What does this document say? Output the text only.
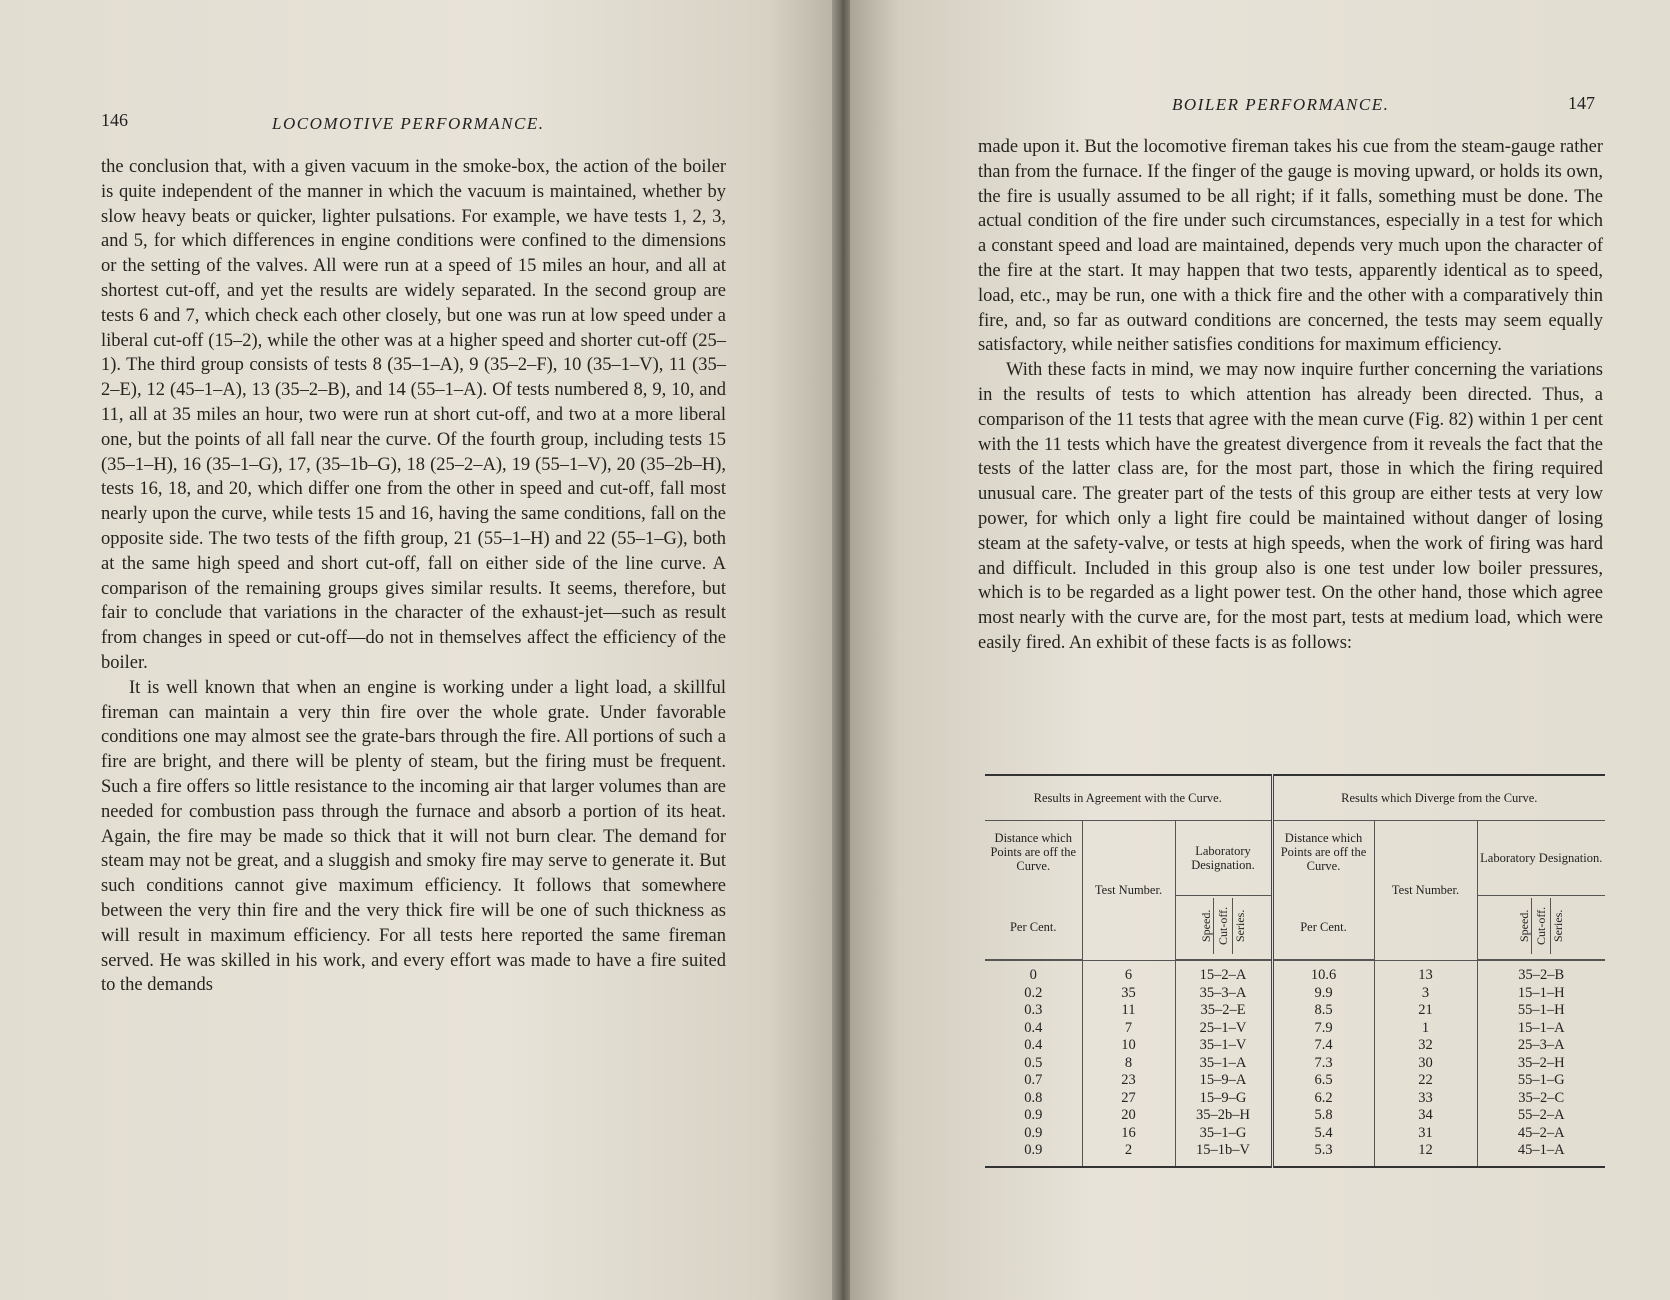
146	LOCOMOTIVE PERFORMANCE.

the conclusion that, with a given vacuum in the smoke-box, the action of the boiler is quite independent of the manner in which the vacuum is maintained, whether by slow heavy beats or quicker, lighter pulsations. For example, we have tests 1, 2, 3, and 5, for which differences in engine conditions were confined to the dimensions or the setting of the valves. All were run at a speed of 15 miles an hour, and all at shortest cut-off, and yet the results are widely separated. In the second group are tests 6 and 7, which check each other closely, but one was run at low speed under a liberal cut-off (15–2), while the other was at a higher speed and shorter cut-off (25–1). The third group consists of tests 8 (35–1–A), 9 (35–2–F), 10 (35–1–V), 11 (35–2–E), 12 (45–1–A), 13 (35–2–B), and 14 (55–1–A). Of tests numbered 8, 9, 10, and 11, all at 35 miles an hour, two were run at short cut-off, and two at a more liberal one, but the points of all fall near the curve. Of the fourth group, including tests 15 (35–1–H), 16 (35–1–G), 17, (35–1b–G), 18 (25–2–A), 19 (55–1–V), 20 (35–2b–H), tests 16, 18, and 20, which differ one from the other in speed and cut-off, fall most nearly upon the curve, while tests 15 and 16, having the same conditions, fall on the opposite side. The two tests of the fifth group, 21 (55–1–H) and 22 (55–1–G), both at the same high speed and short cut-off, fall on either side of the line curve. A comparison of the remaining groups gives similar results. It seems, therefore, but fair to conclude that variations in the character of the exhaust-jet—such as result from changes in speed or cut-off—do not in themselves affect the efficiency of the boiler.

It is well known that when an engine is working under a light load, a skillful fireman can maintain a very thin fire over the whole grate. Under favorable conditions one may almost see the grate-bars through the fire. All portions of such a fire are bright, and there will be plenty of steam, but the firing must be frequent. Such a fire offers so little resistance to the incoming air that larger volumes than are needed for combustion pass through the furnace and absorb a portion of its heat. Again, the fire may be made so thick that it will not burn clear. The demand for steam may not be great, and a sluggish and smoky fire may serve to generate it. But such conditions cannot give maximum efficiency. It follows that somewhere between the very thin fire and the very thick fire will be one of such thickness as will result in maximum efficiency. For all tests here reported the same fireman served. He was skilled in his work, and every effort was made to have a fire suited to the demands

BOILER PERFORMANCE.	147

made upon it. But the locomotive fireman takes his cue from the steam-gauge rather than from the furnace. If the finger of the gauge is moving upward, or holds its own, the fire is usually assumed to be all right; if it falls, something must be done. The actual condition of the fire under such circumstances, especially in a test for which a constant speed and load are maintained, depends very much upon the character of the fire at the start. It may happen that two tests, apparently identical as to speed, load, etc., may be run, one with a thick fire and the other with a comparatively thin fire, and, so far as outward conditions are concerned, the tests may seem equally satisfactory, while neither satisfies conditions for maximum efficiency.

With these facts in mind, we may now inquire further concerning the variations in the results of tests to which attention has already been directed. Thus, a comparison of the 11 tests that agree with the mean curve (Fig. 82) within 1 per cent with the 11 tests which have the greatest divergence from it reveals the fact that the tests of the latter class are, for the most part, those in which the firing required unusual care. The greater part of the tests of this group are either tests at very low power, for which only a light fire could be maintained without danger of losing steam at the safety-valve, or tests at high speeds, when the work of firing was hard and difficult. Included in this group also is one test under low boiler pressures, which is to be regarded as a light power test. On the other hand, those which agree most nearly with the curve are, for the most part, tests at medium load, which were easily fired. An exhibit of these facts is as follows:

Results in Agreement with the Curve.			Results which Diverge from the Curve.		
Distance which Points are off the Curve.	Test Number.	Laboratory Designation.	Distance which Points are off the Curve.	Test Number.	Laboratory Designation.
Per Cent.		Speed. Cut-off. Series.	Per Cent.		Speed. Cut-off. Series.

0	6	15–2–A	10.6	13	35–2–B
0.2	35	35–3–A	9.9	3	15–1–H
0.3	11	35–2–E	8.5	21	55–1–H
0.4	7	25–1–V	7.9	1	15–1–A
0.4	10	35–1–V	7.4	32	25–3–A
0.5	8	35–1–A	7.3	30	35–2–H
0.7	23	15–9–A	6.5	22	55–1–G
0.8	27	15–9–G	6.2	33	35–2–C
0.9	20	35–2b–H	5.8	34	55–2–A
0.9	16	35–1–G	5.4	31	45–2–A
0.9	2	15–1b–V	5.3	12	45–1–A
